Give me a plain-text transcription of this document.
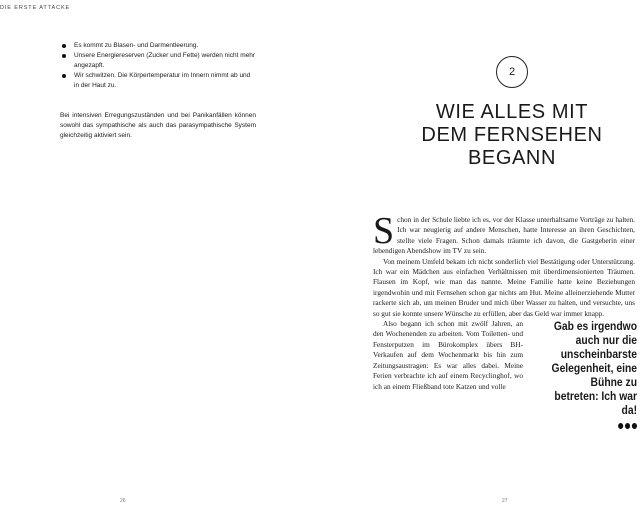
DIE ERSTE ATTACKE
Es kommt zu Blasen- und Darmentleerung.
Unsere Energiereserven (Zucker und Fette) werden nicht mehr angezapft.
Wir schwitzen. Die Körpertemperatur im Innern nimmt ab und in der Haut zu.

Bei intensiven Erregungszuständen und bei Panikanfällen können sowohl das sympathische als auch das parasympathische System gleichzeitig aktiviert sein.

26
2
WIE ALLES MIT
DEM FERNSEHEN
BEGANN

Schon in der Schule liebte ich es, vor der Klasse unterhaltsame Vorträge zu halten. Ich war neugierig auf andere Menschen, hatte Interesse an ihren Geschichten, stellte viele Fragen. Schon damals träumte ich davon, die Gastgeberin einer lebendigen Abendshow im TV zu sein.

Von meinem Umfeld bekam ich nicht sonderlich viel Bestätigung oder Unterstützung. Ich war ein Mädchen aus einfachen Verhältnissen mit überdimensionierten Träumen. Flausen im Kopf, wie man das nannte. Meine Familie hatte keine Beziehungen irgendwohin und mit Fernsehen schon gar nichts am Hut. Meine alleinerziehende Mutter rackerte sich ab, um meinen Bruder und mich über Wasser zu halten, und versuchte, uns so gut sie konnte unsere Wünsche zu erfüllen, aber das Geld war immer knapp.

Gab es irgendwo auch nur die unscheinbarste Gelegenheit, eine Bühne zu betreten: Ich war da!

Also begann ich schon mit zwölf Jahren, an den Wochenenden zu arbeiten. Vom Toiletten- und Fensterputzen im Bürokomplex übers BH-Verkaufen auf dem Wochenmarkt bis hin zum Zeitungsaustragen: Es war alles dabei. Meine Ferien verbrachte ich auf einem Recyclinghof, wo ich an einem Fließband tote Katzen und volle

27
